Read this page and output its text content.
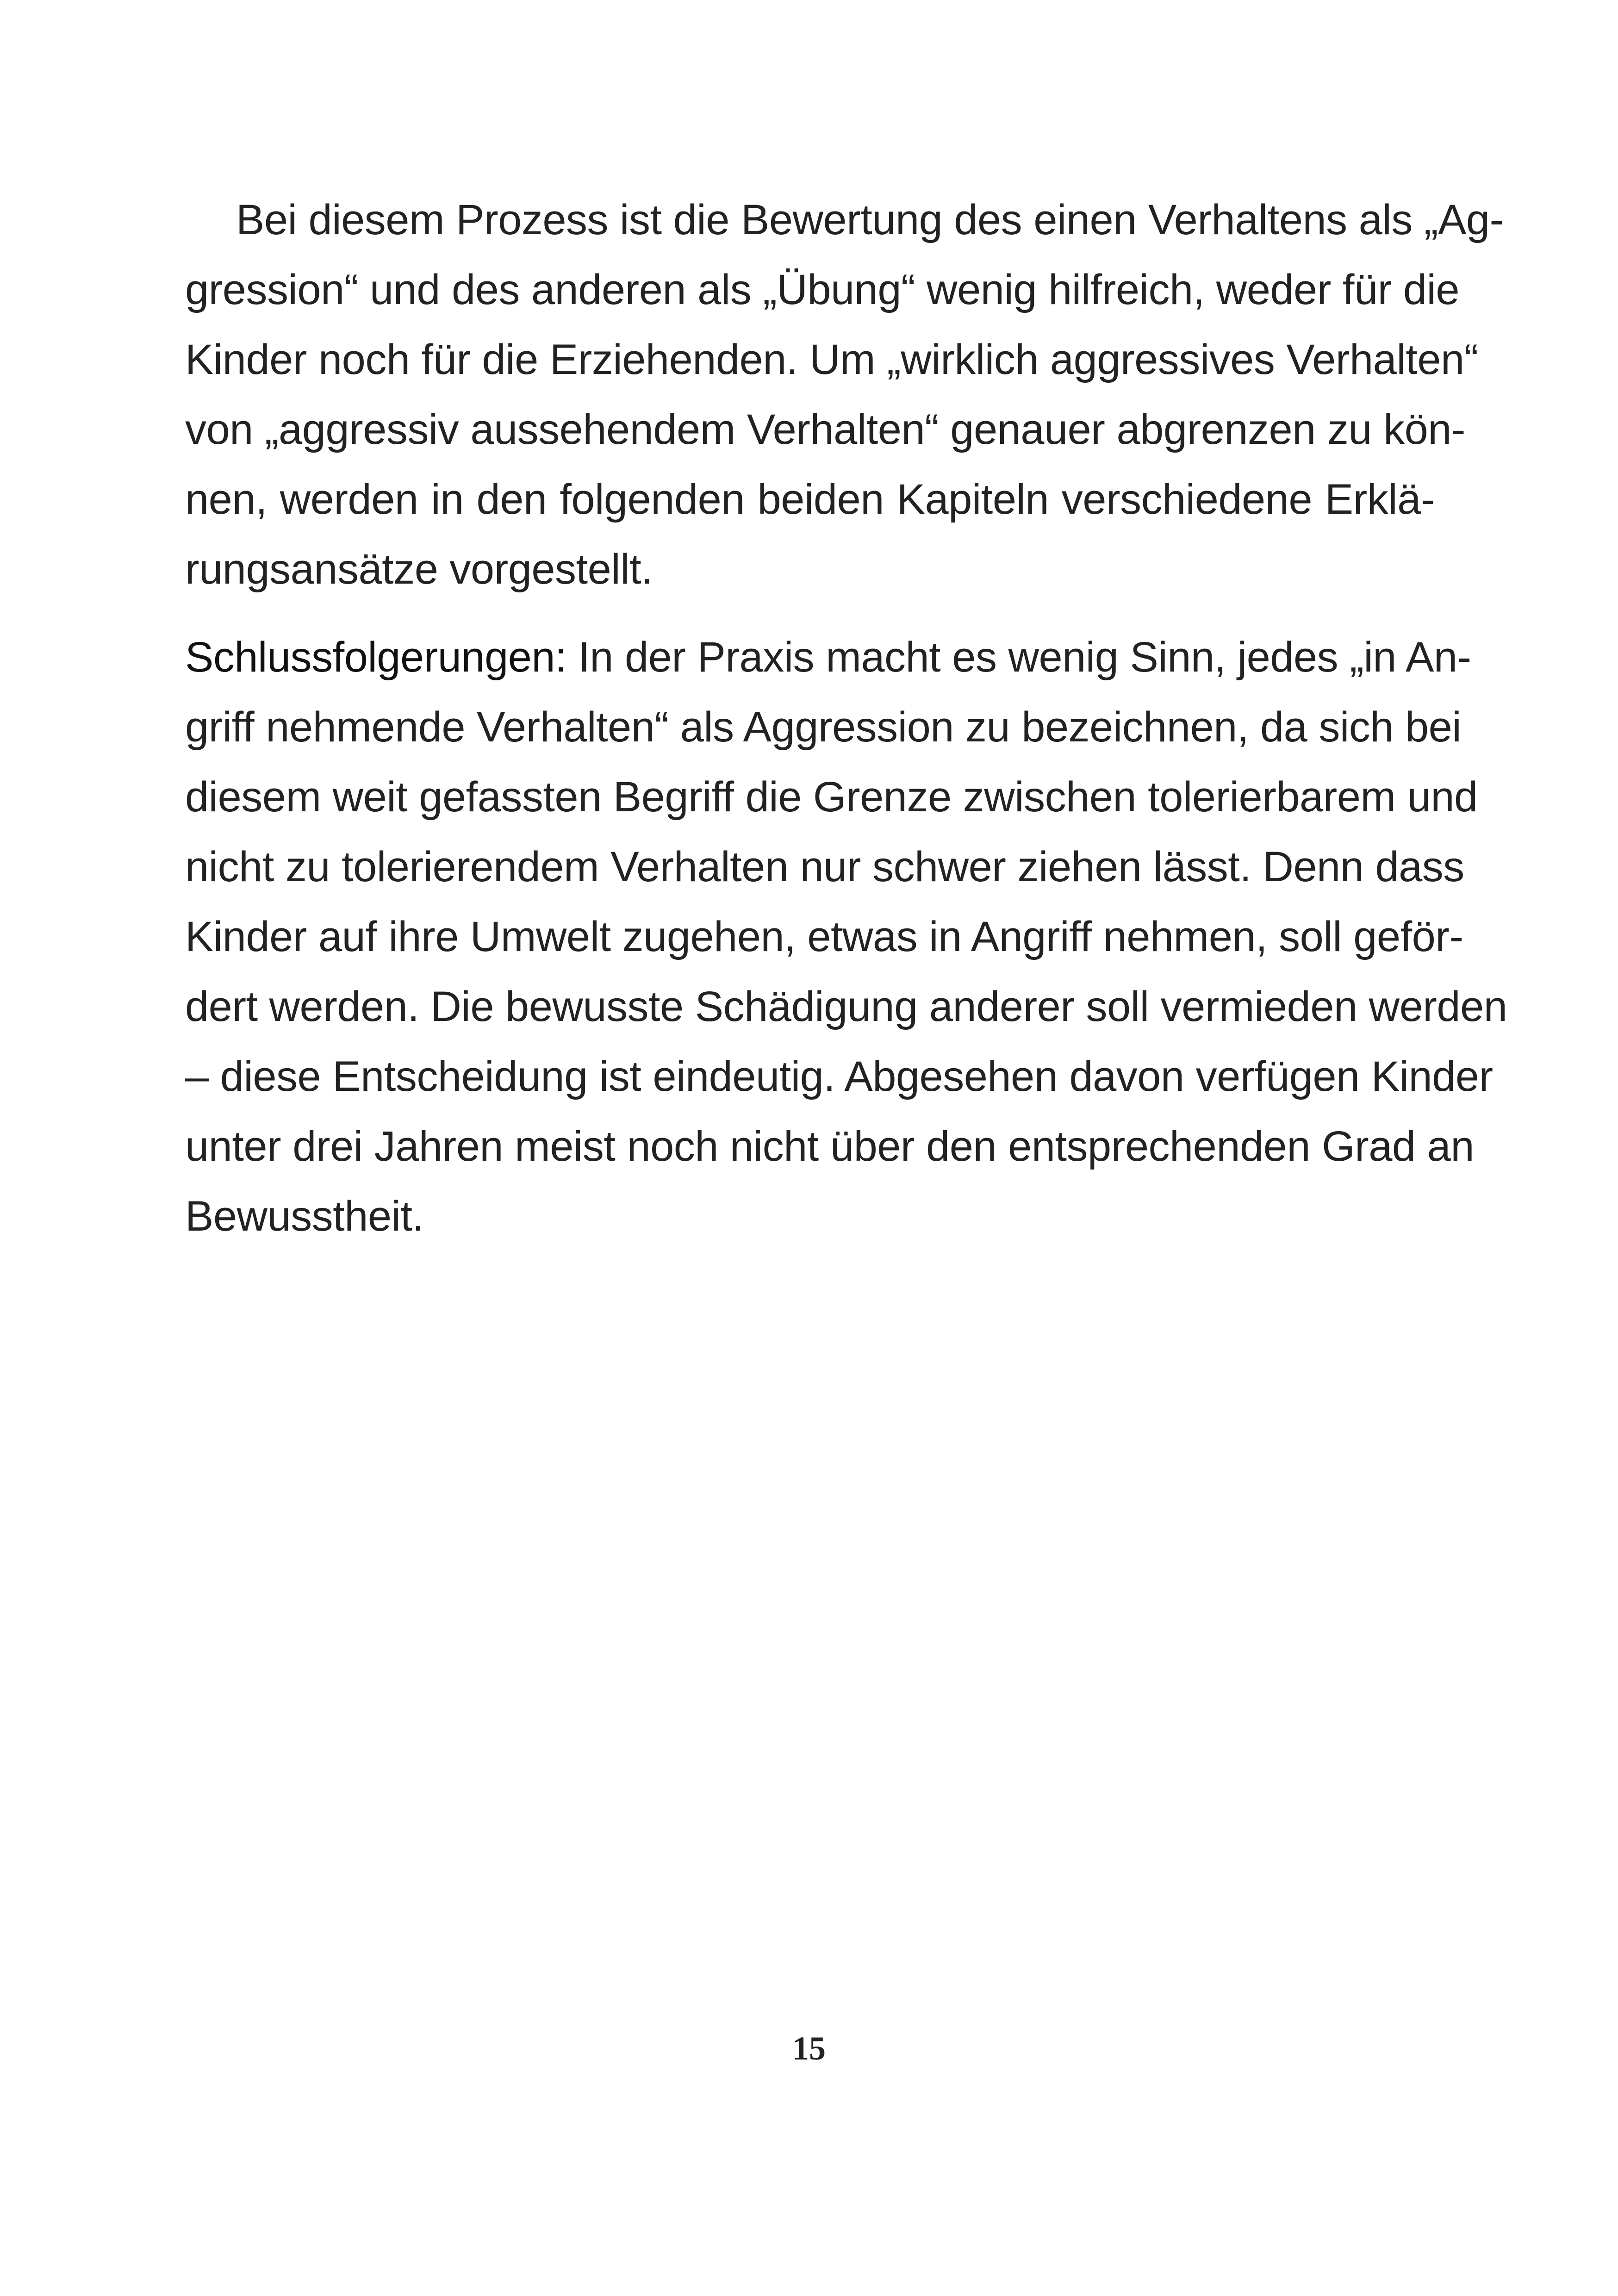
Bei diesem Prozess ist die Bewertung des einen Verhaltens als „Ag-
gression“ und des anderen als „Übung“ wenig hilfreich, weder für die
Kinder noch für die Erziehenden. Um „wirklich aggressives Verhalten“
von „aggressiv aussehendem Verhalten“ genauer abgrenzen zu kön-
nen, werden in den folgenden beiden Kapiteln verschiedene Erklä-
rungsansätze vorgestellt.
Schlussfolgerungen: In der Praxis macht es wenig Sinn, jedes „in An-
griff nehmende Verhalten“ als Aggression zu bezeichnen, da sich bei
diesem weit gefassten Begriff die Grenze zwischen tolerierbarem und
nicht zu tolerierendem Verhalten nur schwer ziehen lässt. Denn dass
Kinder auf ihre Umwelt zugehen, etwas in Angriff nehmen, soll geför-
dert werden. Die bewusste Schädigung anderer soll vermieden werden
– diese Entscheidung ist eindeutig. Abgesehen davon verfügen Kinder
unter drei Jahren meist noch nicht über den entsprechenden Grad an
Bewusstheit.
15
